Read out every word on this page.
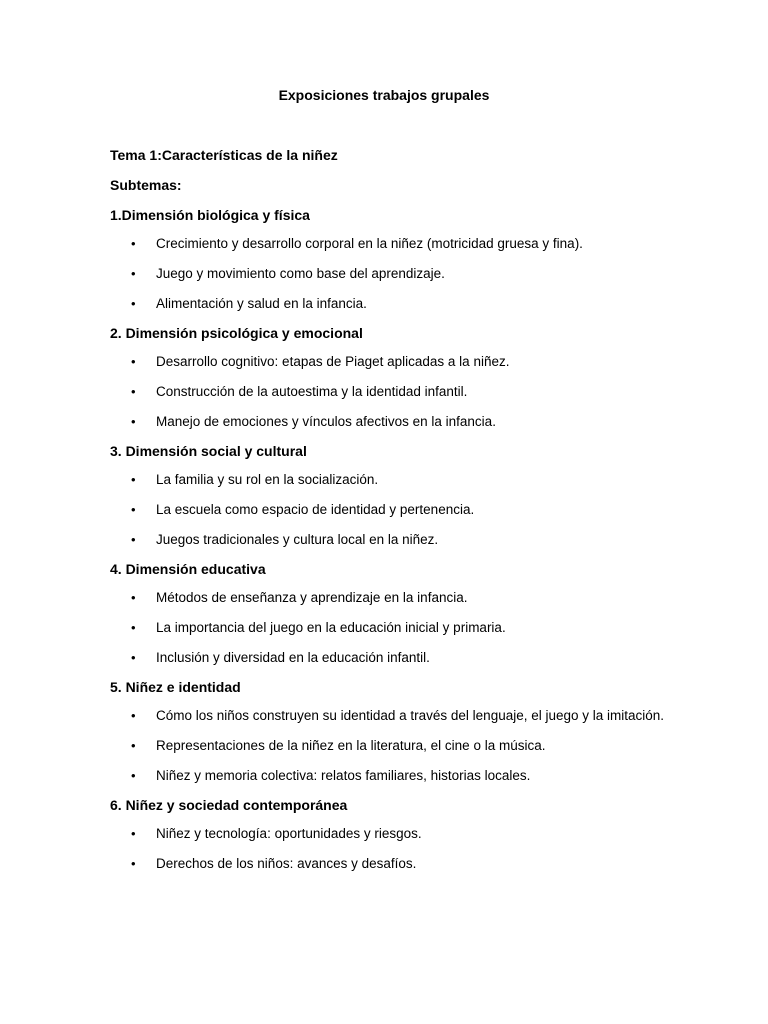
Exposiciones trabajos grupales
Tema 1:Características de la niñez
Subtemas:
1.Dimensión biológica y física
• Crecimiento y desarrollo corporal en la niñez (motricidad gruesa y fina).
• Juego y movimiento como base del aprendizaje.
• Alimentación y salud en la infancia.
2. Dimensión psicológica y emocional
• Desarrollo cognitivo: etapas de Piaget aplicadas a la niñez.
• Construcción de la autoestima y la identidad infantil.
• Manejo de emociones y vínculos afectivos en la infancia.
3. Dimensión social y cultural
• La familia y su rol en la socialización.
• La escuela como espacio de identidad y pertenencia.
• Juegos tradicionales y cultura local en la niñez.
4. Dimensión educativa
• Métodos de enseñanza y aprendizaje en la infancia.
• La importancia del juego en la educación inicial y primaria.
• Inclusión y diversidad en la educación infantil.
5. Niñez e identidad
• Cómo los niños construyen su identidad a través del lenguaje, el juego y la imitación.
• Representaciones de la niñez en la literatura, el cine o la música.
• Niñez y memoria colectiva: relatos familiares, historias locales.
6. Niñez y sociedad contemporánea
• Niñez y tecnología: oportunidades y riesgos.
• Derechos de los niños: avances y desafíos.
